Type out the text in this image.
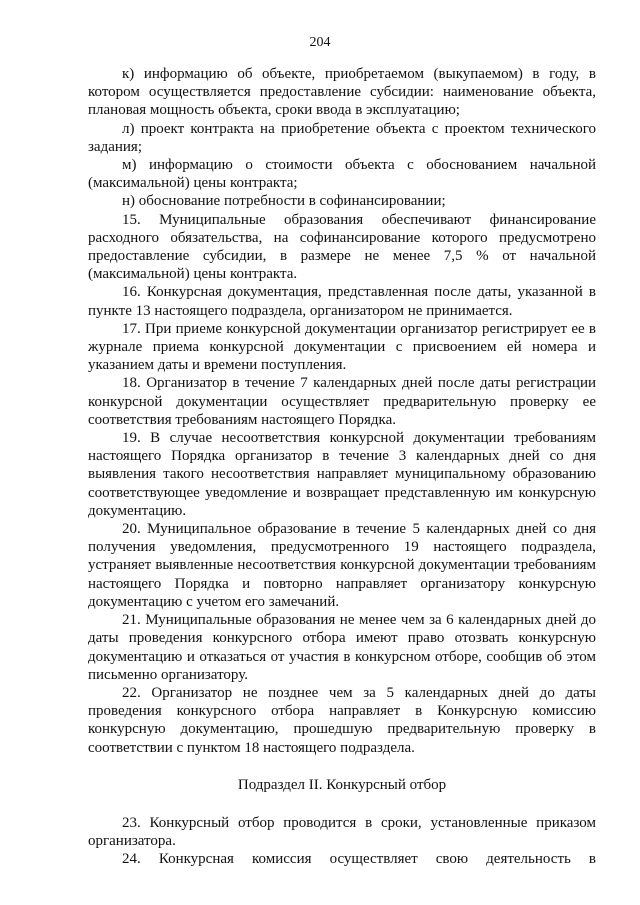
204

к) информацию об объекте, приобретаемом (выкупаемом) в году, в котором осуществляется предоставление субсидии: наименование объекта, плановая мощность объекта, сроки ввода в эксплуатацию;

л) проект контракта на приобретение объекта с проектом технического задания;

м) информацию о стоимости объекта с обоснованием начальной (максимальной) цены контракта;

н) обоснование потребности в софинансировании;

15. Муниципальные образования обеспечивают финансирование расходного обязательства, на софинансирование которого предусмотрено предоставление субсидии, в размере не менее 7,5 % от начальной (максимальной) цены контракта.

16. Конкурсная документация, представленная после даты, указанной в пункте 13 настоящего подраздела, организатором не принимается.

17. При приеме конкурсной документации организатор регистрирует ее в журнале приема конкурсной документации с присвоением ей номера и указанием даты и времени поступления.

18. Организатор в течение 7 календарных дней после даты регистрации конкурсной документации осуществляет предварительную проверку ее соответствия требованиям настоящего Порядка.

19. В случае несоответствия конкурсной документации требованиям настоящего Порядка организатор в течение 3 календарных дней со дня выявления такого несоответствия направляет муниципальному образованию соответствующее уведомление и возвращает представленную им конкурсную документацию.

20. Муниципальное образование в течение 5 календарных дней со дня получения уведомления, предусмотренного 19 настоящего подраздела, устраняет выявленные несоответствия конкурсной документации требованиям настоящего Порядка и повторно направляет организатору конкурсную документацию с учетом его замечаний.

21. Муниципальные образования не менее чем за 6 календарных дней до даты проведения конкурсного отбора имеют право отозвать конкурсную документацию и отказаться от участия в конкурсном отборе, сообщив об этом письменно организатору.

22. Организатор не позднее чем за 5 календарных дней до даты проведения конкурсного отбора направляет в Конкурсную комиссию конкурсную документацию, прошедшую предварительную проверку в соответствии с пунктом 18 настоящего подраздела.

Подраздел II. Конкурсный отбор

23. Конкурсный отбор проводится в сроки, установленные приказом организатора.

24. Конкурсная комиссия осуществляет свою деятельность в
